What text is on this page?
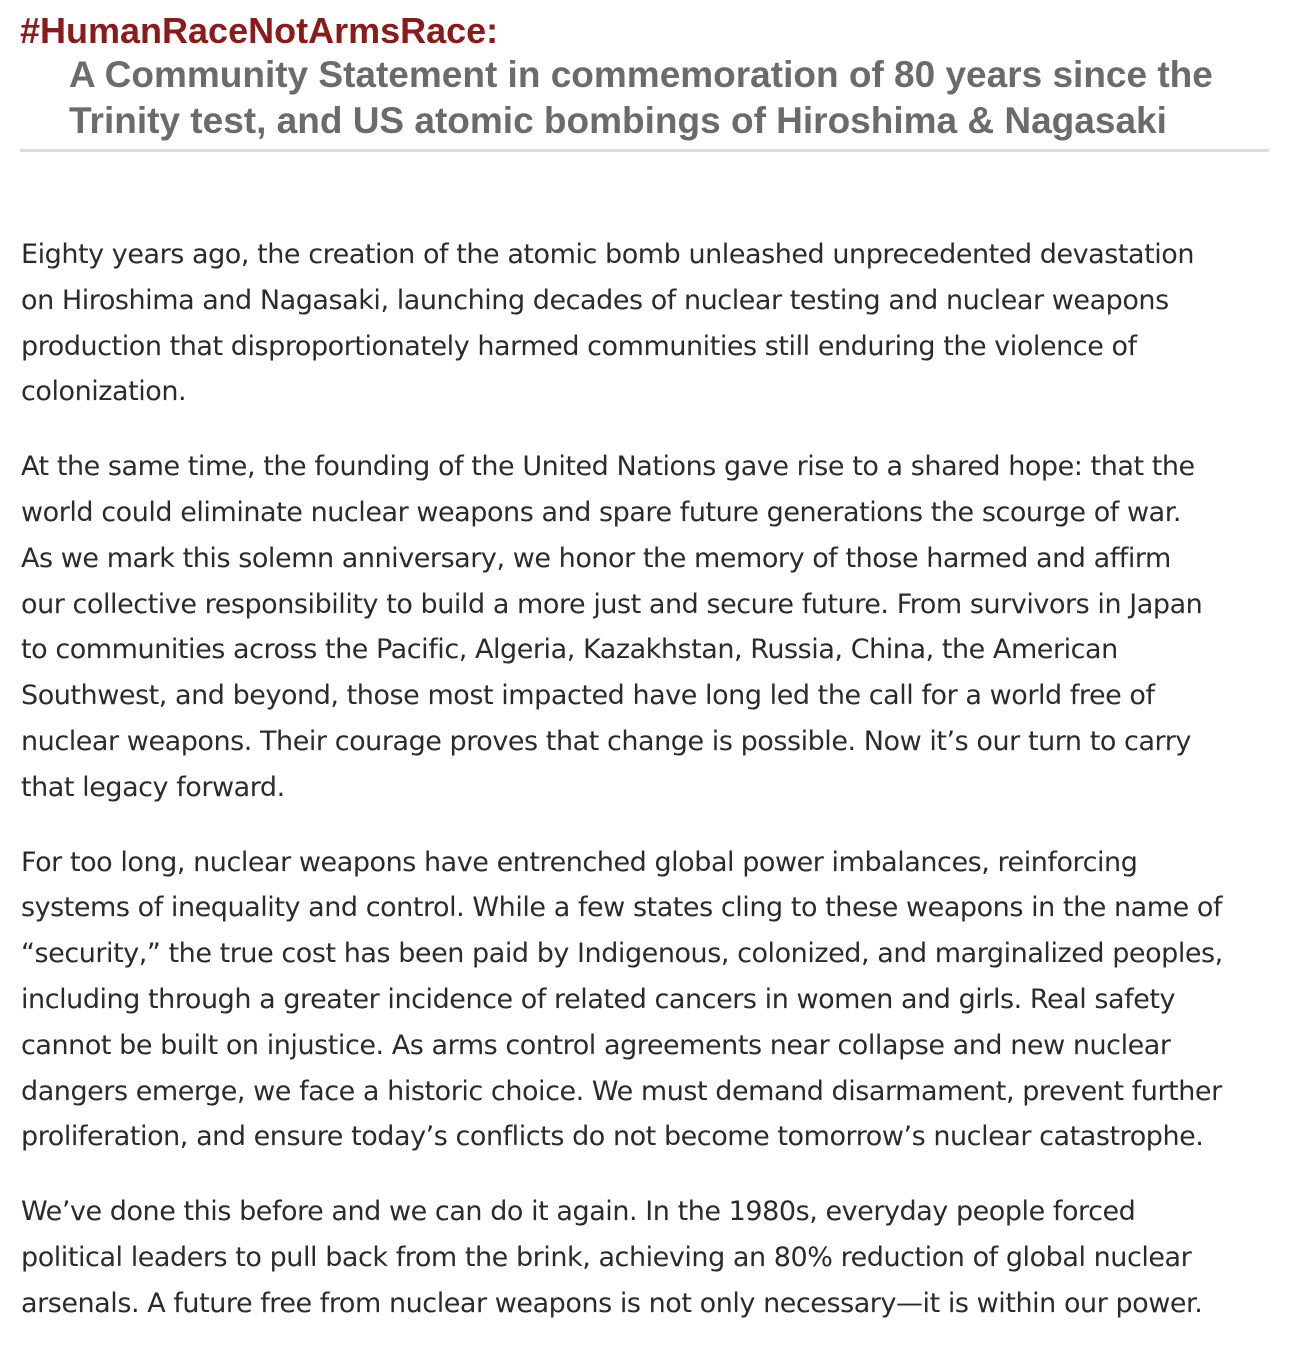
#HumanRaceNotArmsRace:
A Community Statement in commemoration of 80 years since the
Trinity test, and US atomic bombings of Hiroshima & Nagasaki

Eighty years ago, the creation of the atomic bomb unleashed unprecedented devastation
on Hiroshima and Nagasaki, launching decades of nuclear testing and nuclear weapons
production that disproportionately harmed communities still enduring the violence of
colonization.

At the same time, the founding of the United Nations gave rise to a shared hope: that the
world could eliminate nuclear weapons and spare future generations the scourge of war.
As we mark this solemn anniversary, we honor the memory of those harmed and affirm
our collective responsibility to build a more just and secure future. From survivors in Japan
to communities across the Pacific, Algeria, Kazakhstan, Russia, China, the American
Southwest, and beyond, those most impacted have long led the call for a world free of
nuclear weapons. Their courage proves that change is possible. Now it’s our turn to carry
that legacy forward.

For too long, nuclear weapons have entrenched global power imbalances, reinforcing
systems of inequality and control. While a few states cling to these weapons in the name of
“security,” the true cost has been paid by Indigenous, colonized, and marginalized peoples,
including through a greater incidence of related cancers in women and girls. Real safety
cannot be built on injustice. As arms control agreements near collapse and new nuclear
dangers emerge, we face a historic choice. We must demand disarmament, prevent further
proliferation, and ensure today’s conflicts do not become tomorrow’s nuclear catastrophe.

We’ve done this before and we can do it again. In the 1980s, everyday people forced
political leaders to pull back from the brink, achieving an 80% reduction of global nuclear
arsenals. A future free from nuclear weapons is not only necessary—it is within our power.
